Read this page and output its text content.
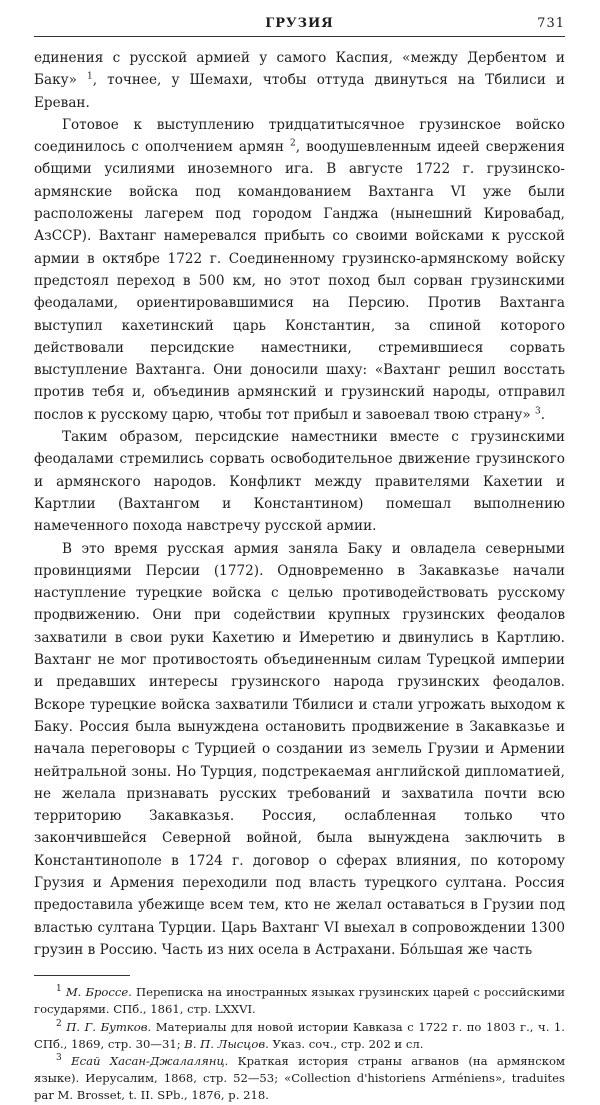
ГРУЗИЯ	731

единения с русской армией у самого Каспия, «между Дербентом и Баку» $^1$, точнее, у Шемахи, чтобы оттуда двинуться на Тбилиси и Ереван.

Готовое к выступлению тридцатитысячное грузинское войско соединилось с ополчением армян $^2$, воодушевленным идеей свержения общими усилиями иноземного ига. В августе 1722 г. грузинско-армянские войска под командованием Вахтанга VI уже были расположены лагерем под городом Ганджа (нынешний Кировабад, АзССР). Вахтанг намеревался прибыть со своими войсками к русской армии в октябре 1722 г. Соединенному грузинско-армянскому войску предстоял переход в 500 км, но этот поход был сорван грузинскими феодалами, ориентировавшимися на Персию. Против Вахтанга выступил кахетинский царь Константин, за спиной которого действовали персидские наместники, стремившиеся сорвать выступление Вахтанга. Они доносили шаху: «Вахтанг решил восстать против тебя и, объединив армянский и грузинский народы, отправил послов к русскому царю, чтобы тот прибыл и завоевал твою страну» $^3$.

Таким образом, персидские наместники вместе с грузинскими феодалами стремились сорвать освободительное движение грузинского и армянского народов. Конфликт между правителями Кахетии и Картлии (Вахтангом и Константином) помешал выполнению намеченного похода навстречу русской армии.

В это время русская армия заняла Баку и овладела северными провинциями Персии (1772). Одновременно в Закавказье начали наступление турецкие войска с целью противодействовать русскому продвижению. Они при содействии крупных грузинских феодалов захватили в свои руки Кахетию и Имеретию и двинулись в Картлию. Вахтанг не мог противостоять объединенным силам Турецкой империи и предавших интересы грузинского народа грузинских феодалов. Вскоре турецкие войска захватили Тбилиси и стали угрожать выходом к Баку. Россия была вынуждена остановить продвижение в Закавказье и начала переговоры с Турцией о создании из земель Грузии и Армении нейтральной зоны. Но Турция, подстрекаемая английской дипломатией, не желала признавать русских требований и захватила почти всю территорию Закавказья. Россия, ослабленная только что закончившейся Северной войной, была вынуждена заключить в Константинополе в 1724 г. договор о сферах влияния, по которому Грузия и Армения переходили под власть турецкого султана. Россия предоставила убежище всем тем, кто не желал оставаться в Грузии под властью султана Турции. Царь Вахтанг VI выехал в сопровождении 1300 грузин в Россию. Часть из них осела в Астрахани. Бо́льшая же часть

$^1$ М. Броссе. Переписка на иностранных языках грузинских царей с российскими государями. СПб., 1861, стр. LXXVI.

$^2$ П. Г. Бутков. Материалы для новой истории Кавказа с 1722 г. по 1803 г., ч. 1. СПб., 1869, стр. 30—31; В. П. Лысцов. Указ. соч., стр. 202 и сл.

$^3$ Есай Хасан-Джалалянц. Краткая история страны агванов (на армянском языке). Иерусалим, 1868, стр. 52—53; «Collection d'historiens Arméniens», traduites par M. Brosset, t. II. SPb., 1876, p. 218.
